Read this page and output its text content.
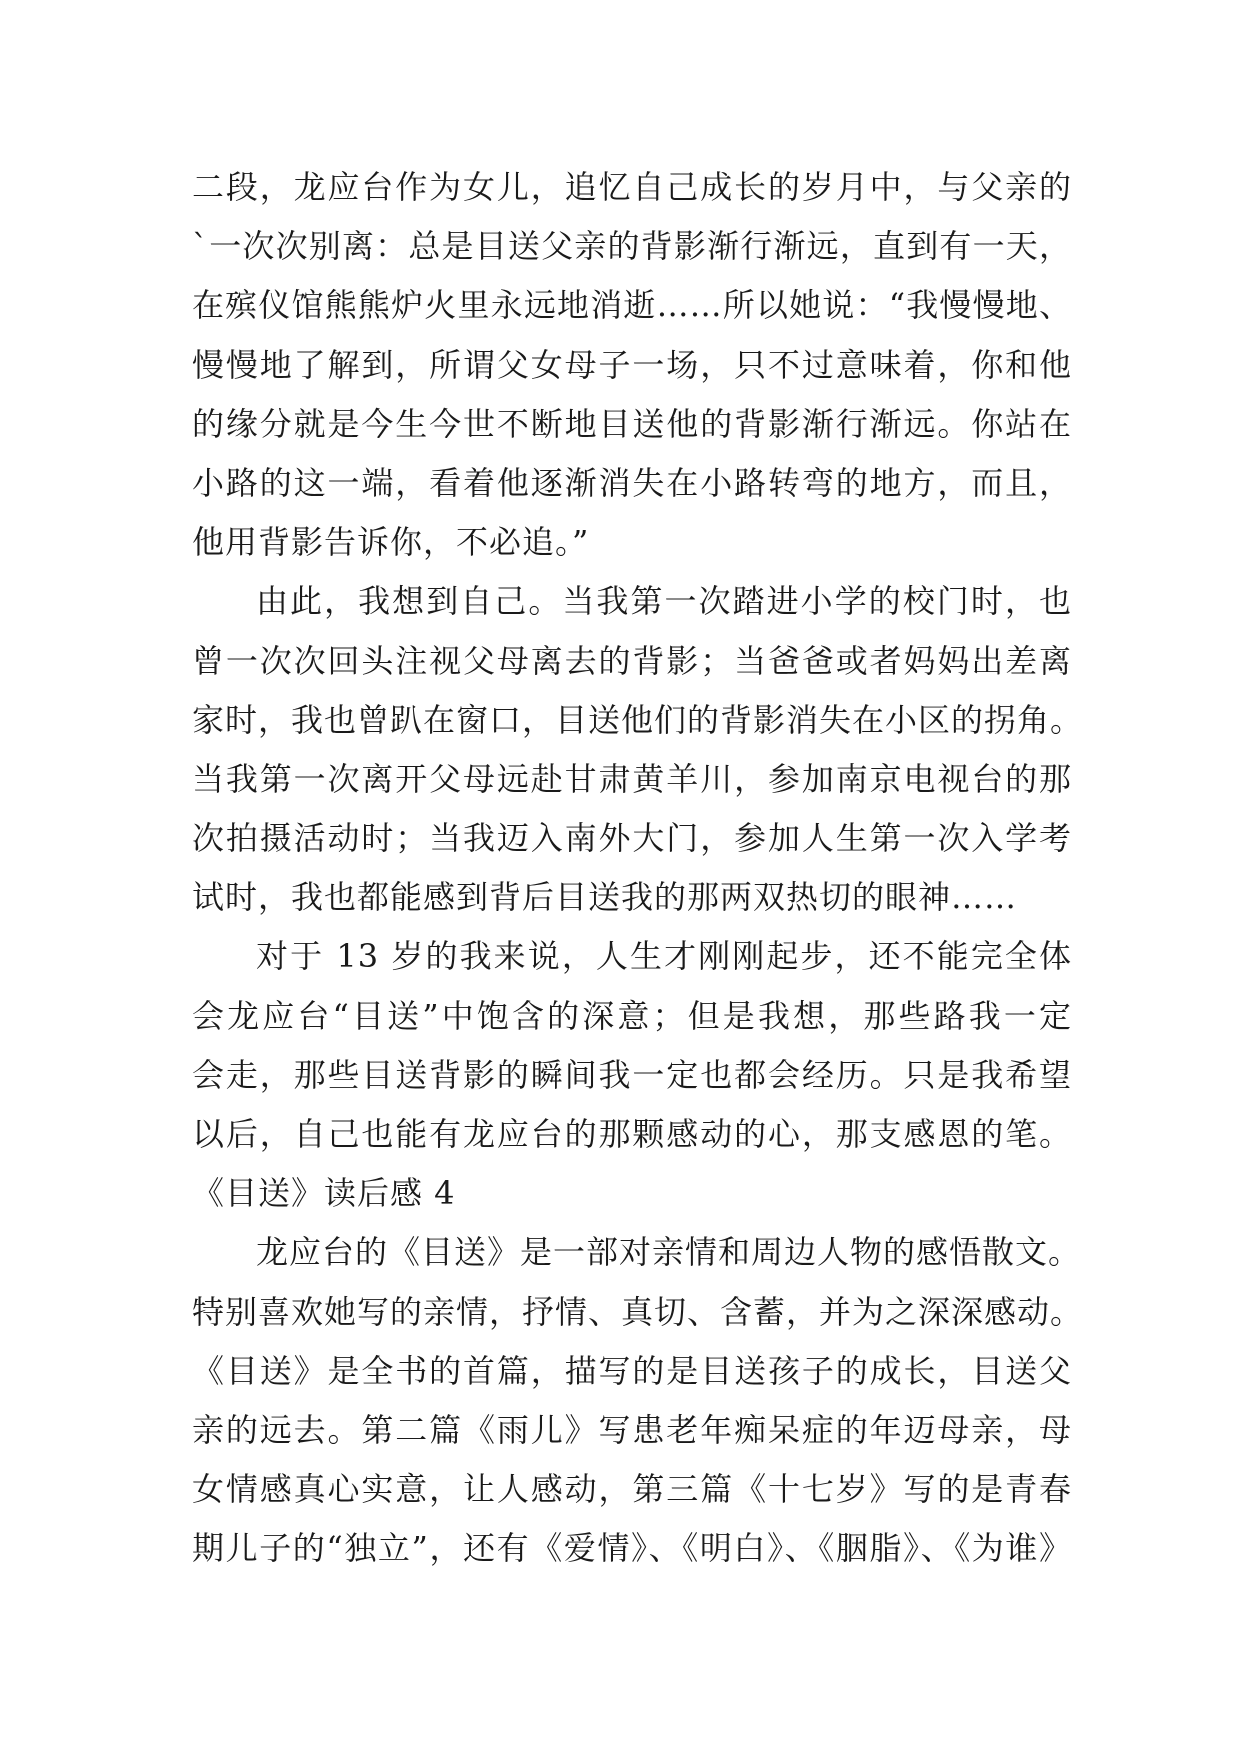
二段，龙应台作为女儿，追忆自己成长的岁月中，与父亲的
`一次次别离：总是目送父亲的背影渐行渐远，直到有一天，
在殡仪馆熊熊炉火里永远地消逝……所以她说：“我慢慢地、
慢慢地了解到，所谓父女母子一场，只不过意味着，你和他
的缘分就是今生今世不断地目送他的背影渐行渐远。你站在
小路的这一端，看着他逐渐消失在小路转弯的地方，而且，
他用背影告诉你，不必追。”
由此，我想到自己。当我第一次踏进小学的校门时，也
曾一次次回头注视父母离去的背影；当爸爸或者妈妈出差离
家时，我也曾趴在窗口，目送他们的背影消失在小区的拐角。
当我第一次离开父母远赴甘肃黄羊川，参加南京电视台的那
次拍摄活动时；当我迈入南外大门，参加人生第一次入学考
试时，我也都能感到背后目送我的那两双热切的眼神……
对于 13 岁的我来说，人生才刚刚起步，还不能完全体
会龙应台“目送”中饱含的深意；但是我想，那些路我一定
会走，那些目送背影的瞬间我一定也都会经历。只是我希望
以后，自己也能有龙应台的那颗感动的心，那支感恩的笔。
《目送》读后感 4
龙应台的《目送》是一部对亲情和周边人物的感悟散文。
特别喜欢她写的亲情，抒情、真切、含蓄，并为之深深感动。
《目送》是全书的首篇，描写的是目送孩子的成长，目送父
亲的远去。第二篇《雨儿》写患老年痴呆症的年迈母亲，母
女情感真心实意，让人感动，第三篇《十七岁》写的是青春
期儿子的“独立”，还有《爱情》、《明白》、《胭脂》、《为谁》
